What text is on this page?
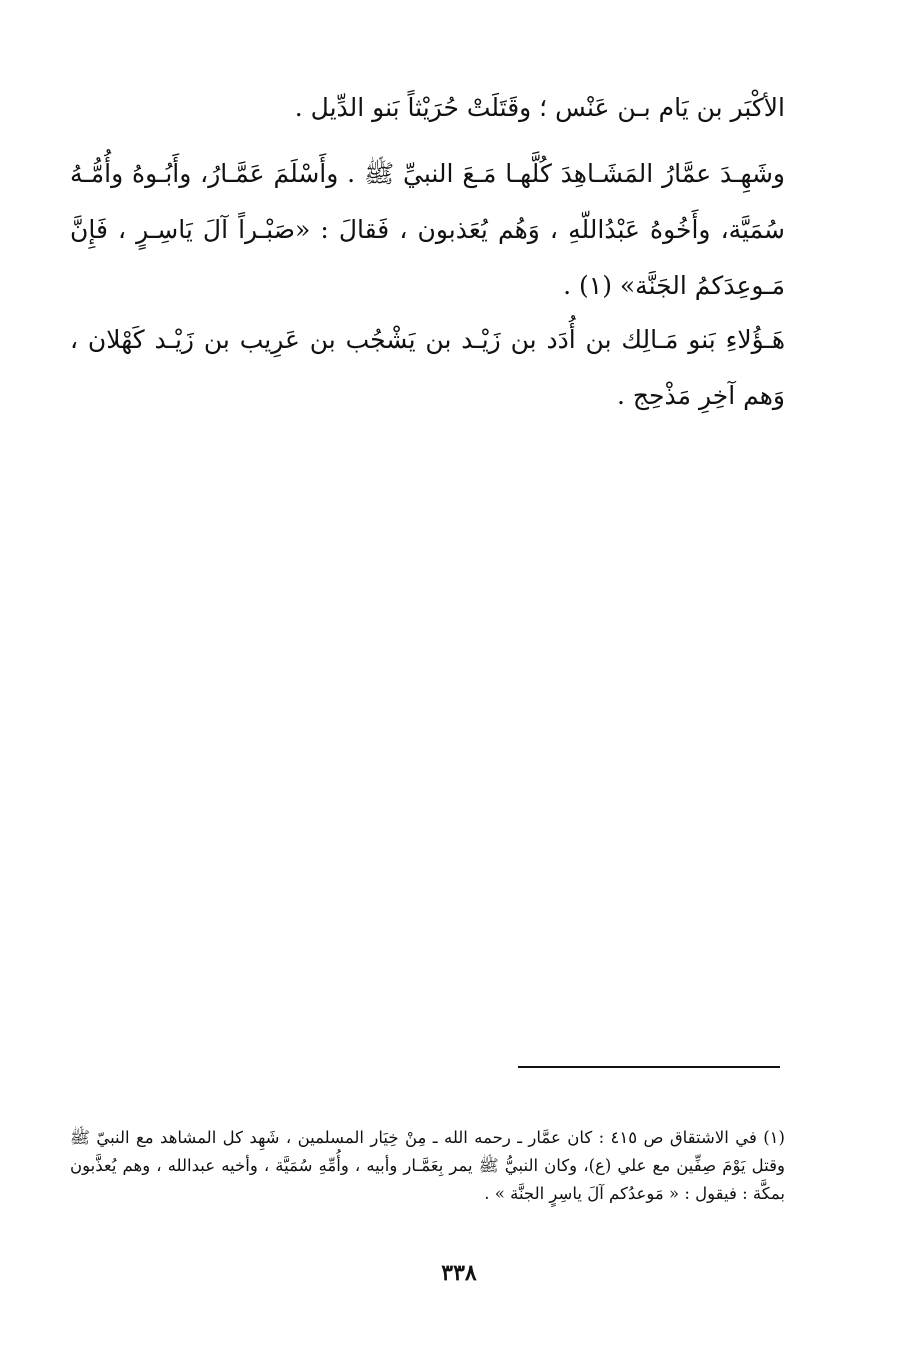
الأكْبَر بن يَام بـن عَنْس ؛ وقَتَلَتْ حُرَيْثاً بَنو الدِّيل .

وشَهِـدَ عمَّارُ المَشَـاهِدَ كُلَّهـا مَـعَ النبيِّ ﷺ . وأَسْلَمَ عَمَّـارُ، وأَبُـوهُ وأُمُّـهُ سُمَيَّة، وأَخُوهُ عَبْدُاللّهِ ، وَهُم يُعَذبون ، فَقالَ : «صَبْـراً آلَ يَاسِـرٍ ، فَإِنَّ مَـوعِدَكمُ الجَنَّة» (١) .

هَـؤُلاءِ بَنو مَـالِك بن أُدَد بن زَيْـد بن يَشْجُب بن عَرِيب بن زَيْـد كَهْلان ، وَهم آخِرِ مَذْحِج .

(١) في الاشتقاق ص ٤١٥ : كان عمَّار ـ رحمه الله ـ مِنْ خِيَار المسلمين ، شَهِد كل المشاهد مع النبيّ ﷺ وقتل يَوْمَ صِفِّين مع علي (ع)، وكان النبيُّ ﷺ يمر بِعَمَّـار وأبيه ، وأُمِّهِ سُمَيَّة ، وأخيه عبدالله ، وهم يُعذَّبون بمكَّة : فيقول : « مَوعدُكم آلَ ياسِرٍ الجنَّة » .

٣٣٨
